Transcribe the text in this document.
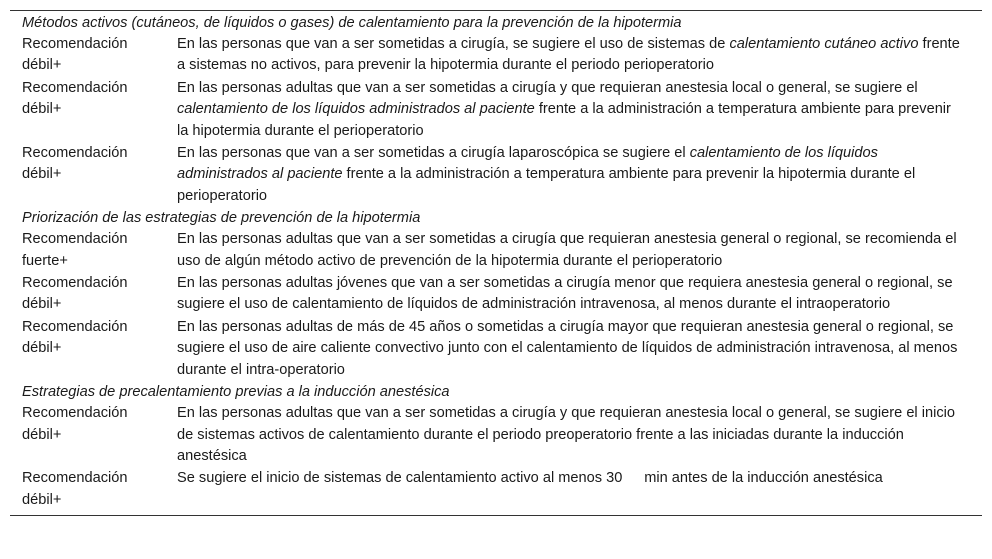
Métodos activos (cutáneos, de líquidos o gases) de calentamiento para la prevención de la hipotermia
Recomendación
débil+
En las personas que van a ser sometidas a cirugía, se sugiere el uso de sistemas de calentamiento cutáneo activo frente a sistemas no activos, para prevenir la hipotermia durante el periodo perioperatorio
Recomendación
débil+
En las personas adultas que van a ser sometidas a cirugía y que requieran anestesia local o general, se sugiere el calentamiento de los líquidos administrados al paciente frente a la administración a temperatura ambiente para prevenir la hipotermia durante el perioperatorio
Recomendación
débil+
En las personas que van a ser sometidas a cirugía laparoscópica se sugiere el calentamiento de los líquidos administrados al paciente frente a la administración a temperatura ambiente para prevenir la hipotermia durante el perioperatorio
Priorización de las estrategias de prevención de la hipotermia
Recomendación
fuerte+
En las personas adultas que van a ser sometidas a cirugía que requieran anestesia general o regional, se recomienda el uso de algún método activo de prevención de la hipotermia durante el perioperatorio
Recomendación
débil+
En las personas adultas jóvenes que van a ser sometidas a cirugía menor que requiera anestesia general o regional, se sugiere el uso de calentamiento de líquidos de administración intravenosa, al menos durante el intraoperatorio
Recomendación
débil+
En las personas adultas de más de 45 años o sometidas a cirugía mayor que requieran anestesia general o regional, se sugiere el uso de aire caliente convectivo junto con el calentamiento de líquidos de administración intravenosa, al menos durante el intra-operatorio
Estrategias de precalentamiento previas a la inducción anestésica
Recomendación
débil+
En las personas adultas que van a ser sometidas a cirugía y que requieran anestesia local o general, se sugiere el inicio de sistemas activos de calentamiento durante el periodo preoperatorio frente a las iniciadas durante la inducción anestésica
Recomendación
débil+
Se sugiere el inicio de sistemas de calentamiento activo al menos 30  min antes de la inducción anestésica
